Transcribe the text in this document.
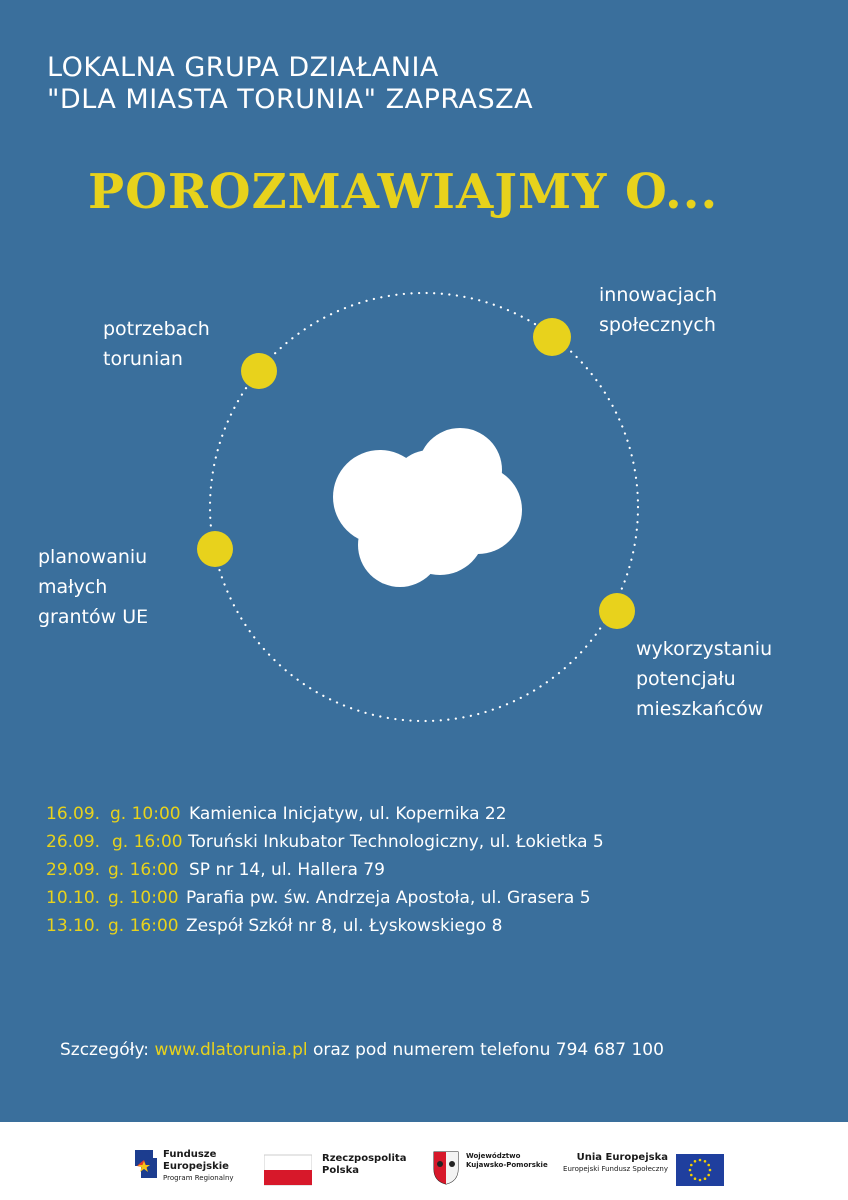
LOKALNA GRUPA DZIAŁANIA
"DLA MIASTA TORUNIA" ZAPRASZA
POROZMAWIAJMY O...
potrzebach
torunian
innowacjach
społecznych
planowaniu
małych
grantów UE
wykorzystaniu
potencjału
mieszkańców
16.09. g. 10:00 Kamienica Inicjatyw, ul. Kopernika 22
26.09. g. 16:00 Toruński Inkubator Technologiczny, ul. Łokietka 5
29.09. g. 16:00 SP nr 14, ul. Hallera 79
10.10. g. 10:00 Parafia pw. św. Andrzeja Apostoła, ul. Grasera 5
13.10. g. 16:00 Zespół Szkół nr 8, ul. Łyskowskiego 8
Szczegóły: www.dlatorunia.pl oraz pod numerem telefonu 794 687 100
Fundusze
Europejskie
Program Regionalny
Rzeczpospolita
Polska
Województwo
Kujawsko-Pomorskie
Unia Europejska
Europejski Fundusz Społeczny
